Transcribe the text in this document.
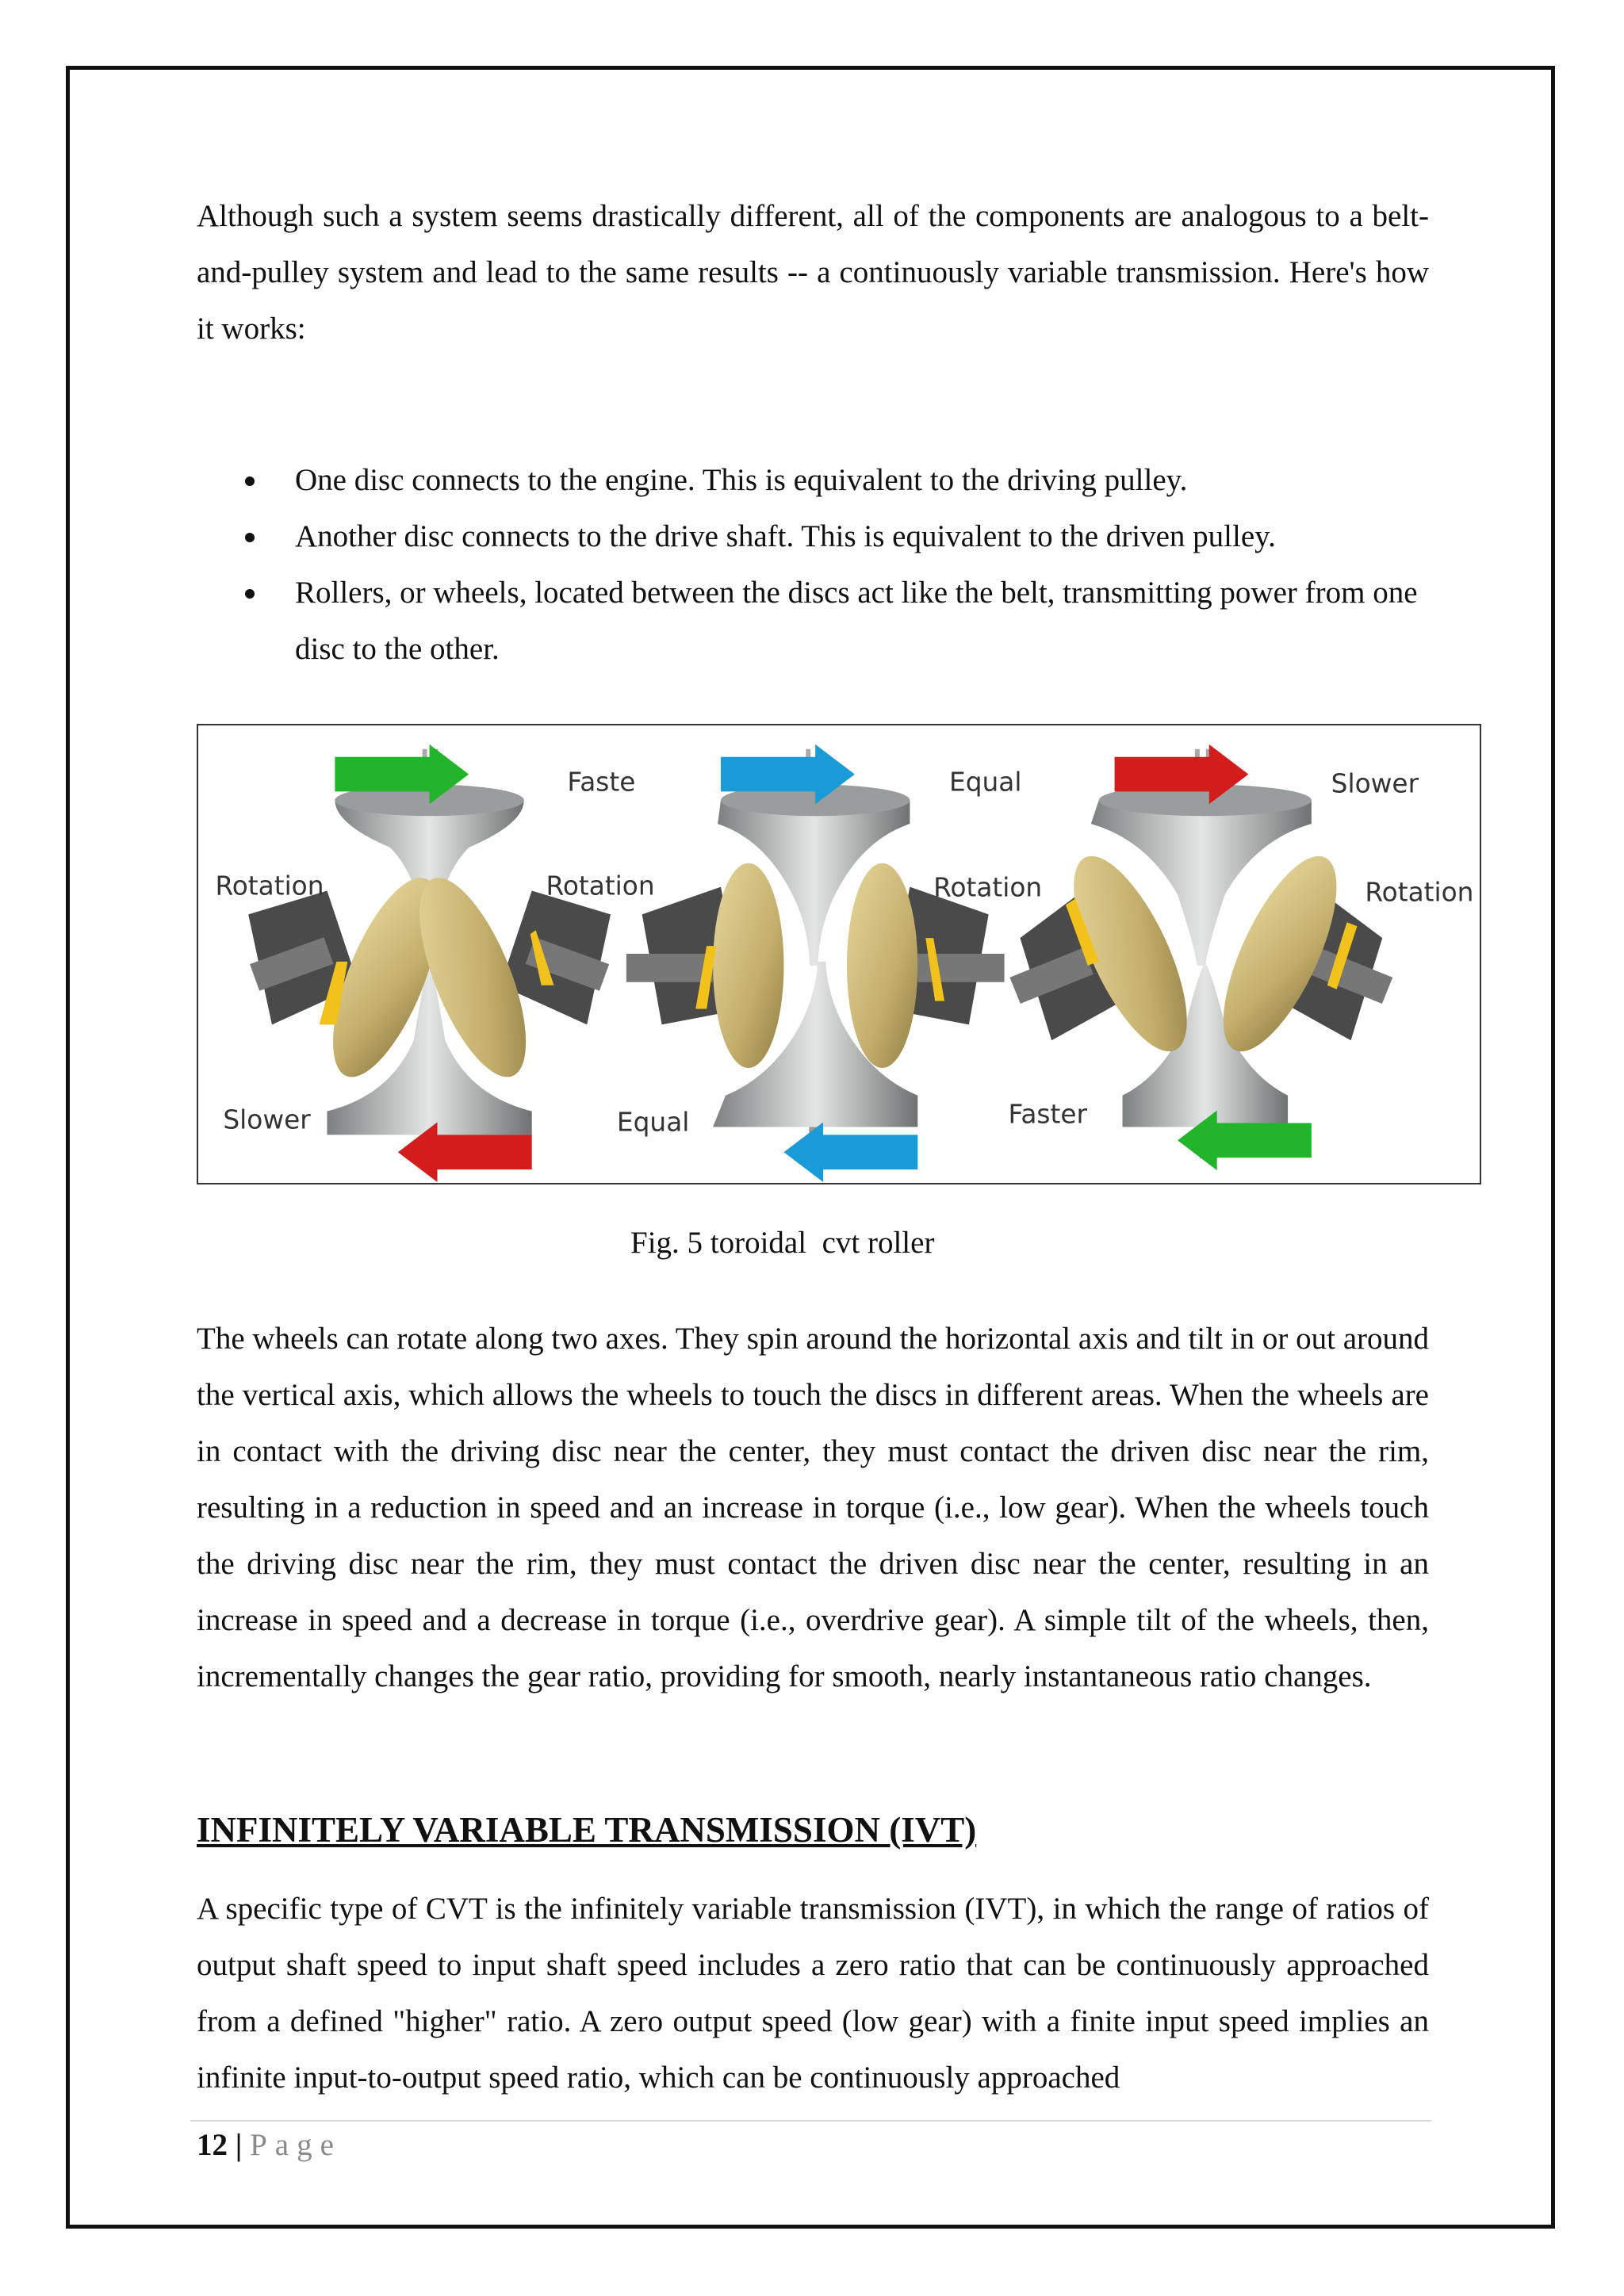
Although such a system seems drastically different, all of the components are analogous to a belt-and-pulley system and lead to the same results -- a continuously variable transmission. Here's how it works:

One disc connects to the engine. This is equivalent to the driving pulley.
Another disc connects to the drive shaft. This is equivalent to the driven pulley.
Rollers, or wheels, located between the discs act like the belt, transmitting power from one disc to the other.
Fastе	Equal	Slower
Rotation	Rotation	Rotation	Rotation
Slower	Equal	Faster
Fig. 5 toroidal  cvt roller

The wheels can rotate along two axes. They spin around the horizontal axis and tilt in or out around the vertical axis, which allows the wheels to touch the discs in different areas. When the wheels are in contact with the driving disc near the center, they must contact the driven disc near the rim, resulting in a reduction in speed and an increase in torque (i.e., low gear). When the wheels touch the driving disc near the rim, they must contact the driven disc near the center, resulting in an increase in speed and a decrease in torque (i.e., overdrive gear). A simple tilt of the wheels, then, incrementally changes the gear ratio, providing for smooth, nearly instantaneous ratio changes.

INFINITELY VARIABLE TRANSMISSION (IVT)

A specific type of CVT is the infinitely variable transmission (IVT), in which the range of ratios of output shaft speed to input shaft speed includes a zero ratio that can be continuously approached from a defined "higher" ratio. A zero output speed (low gear) with a finite input speed implies an infinite input-to-output speed ratio, which can be continuously approached

12 | Page
